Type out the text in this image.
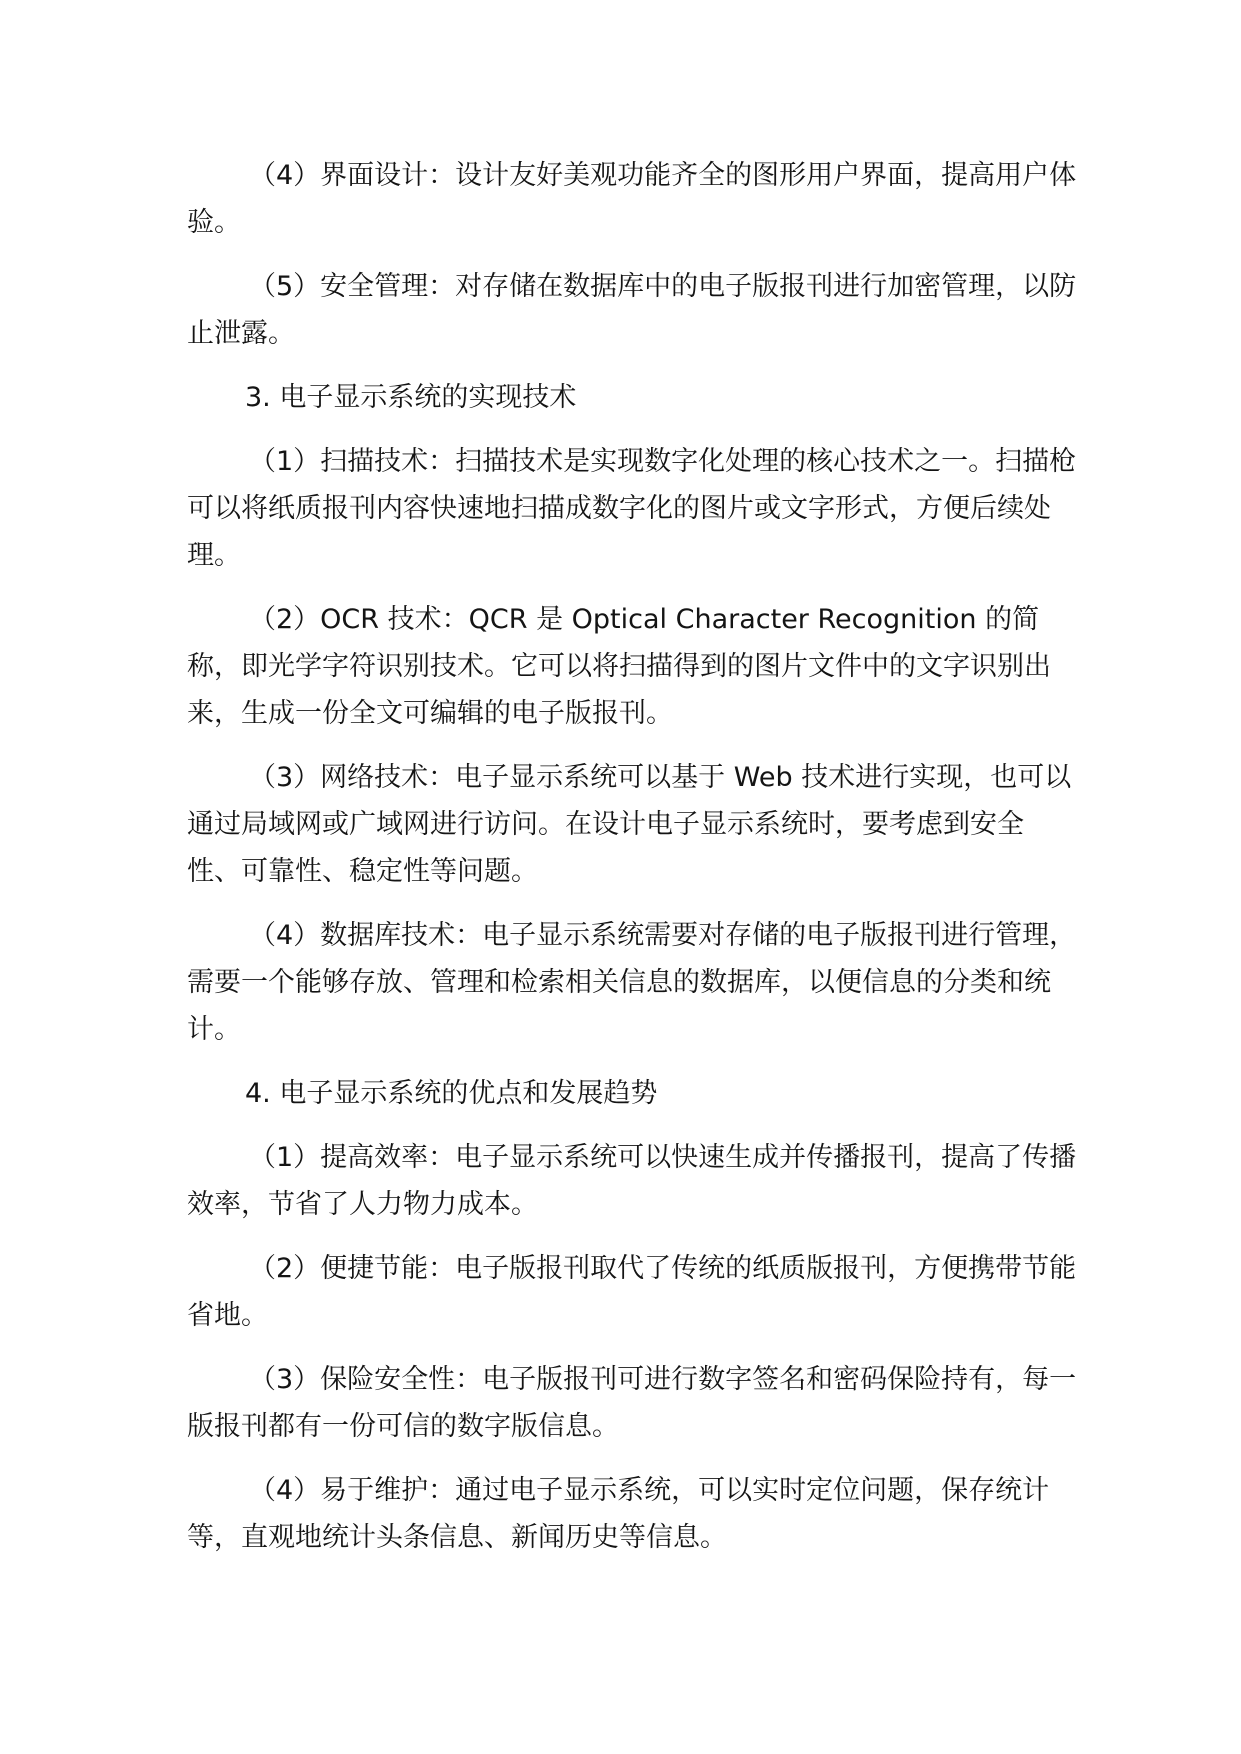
（4）界面设计：设计友好美观功能齐全的图形用户界面，提高用户体验。

（5）安全管理：对存储在数据库中的电子版报刊进行加密管理，以防止泄露。

3. 电子显示系统的实现技术

（1）扫描技术：扫描技术是实现数字化处理的核心技术之一。扫描枪可以将纸质报刊内容快速地扫描成数字化的图片或文字形式，方便后续处理。

（2）OCR 技术：QCR 是 Optical Character Recognition 的简称，即光学字符识别技术。它可以将扫描得到的图片文件中的文字识别出来，生成一份全文可编辑的电子版报刊。

（3）网络技术：电子显示系统可以基于 Web 技术进行实现，也可以通过局域网或广域网进行访问。在设计电子显示系统时，要考虑到安全性、可靠性、稳定性等问题。

（4）数据库技术：电子显示系统需要对存储的电子版报刊进行管理，需要一个能够存放、管理和检索相关信息的数据库，以便信息的分类和统计。

4. 电子显示系统的优点和发展趋势

（1）提高效率：电子显示系统可以快速生成并传播报刊，提高了传播效率，节省了人力物力成本。

（2）便捷节能：电子版报刊取代了传统的纸质版报刊，方便携带节能省地。

（3）保险安全性：电子版报刊可进行数字签名和密码保险持有，每一版报刊都有一份可信的数字版信息。

（4）易于维护：通过电子显示系统，可以实时定位问题，保存统计等，直观地统计头条信息、新闻历史等信息。
